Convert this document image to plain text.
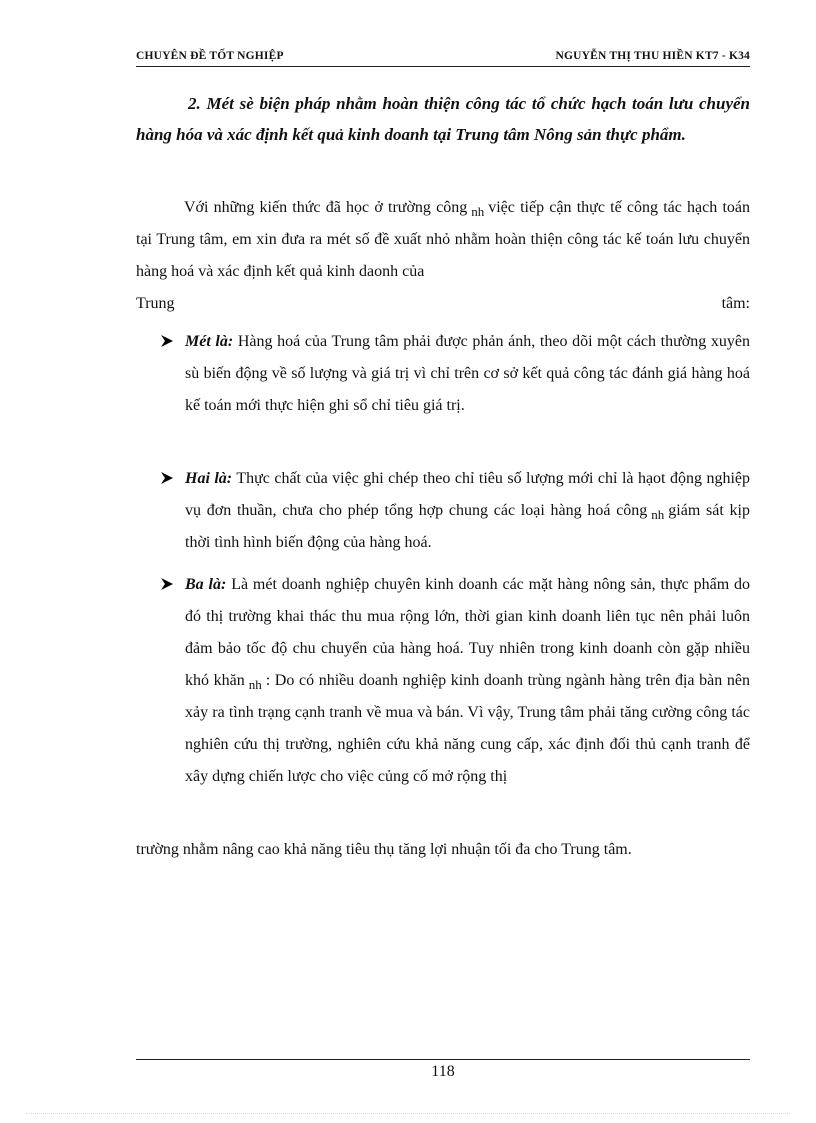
CHUYÊN ĐỀ TỐT NGHIỆP	NGUYỄN THỊ THU HIỀN KT7 - K34
2. Mét sè biện pháp nhằm hoàn thiện công tác tổ chức hạch toán lưu chuyển hàng hóa và xác định kết quả kinh doanh tại Trung tâm Nông sản thực phẩm.
Với những kiến thức đã học ở trường công $_{nh}$ việc tiếp cận thực tế công tác hạch toán tại Trung tâm, em xin đưa ra mét số đề xuất nhỏ nhằm hoàn thiện công tác kế toán lưu chuyển hàng hoá và xác định kết quả kinh daonh của
Trung	tâm:
Mét là: Hàng hoá của Trung tâm phải được phản ánh, theo dõi một cách thường xuyên sù biến động về số lượng và giá trị vì chỉ trên cơ sở kết quả công tác đánh giá hàng hoá kế toán mới thực hiện ghi sổ chỉ tiêu giá trị.
Hai là: Thực chất của việc ghi chép theo chỉ tiêu số lượng mới chỉ là hạot động nghiệp vụ đơn thuần, chưa cho phép tổng hợp chung các loại hàng hoá công $_{nh}$ giám sát kịp thời tình hình biến động của hàng hoá.
Ba là: Là mét doanh nghiệp chuyên kinh doanh các mặt hàng nông sản, thực phẩm do đó thị trường khai thác thu mua rộng lớn, thời gian kinh doanh liên tục nên phải luôn đảm bảo tốc độ chu chuyển của hàng hoá. Tuy nhiên trong kinh doanh còn gặp nhiều khó khăn $_{nh}$ : Do có nhiều doanh nghiệp kinh doanh trùng ngành hàng trên địa bàn nên xảy ra tình trạng cạnh tranh về mua và bán. Vì vậy, Trung tâm phải tăng cường công tác nghiên cứu thị trường, nghiên cứu khả năng cung cấp, xác định đối thủ cạnh tranh để xây dựng chiến lược cho việc củng cố mở rộng thị
trường nhằm nâng cao khả năng tiêu thụ tăng lợi nhuận tối đa cho Trung tâm.
118
